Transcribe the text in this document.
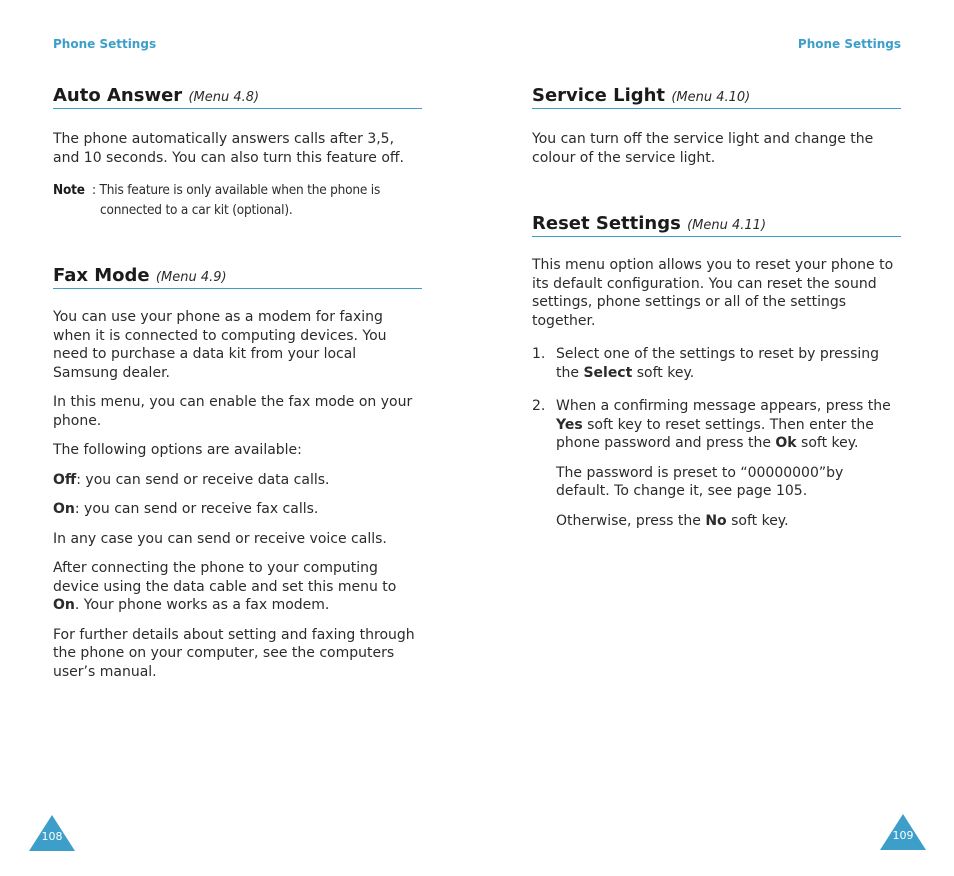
Phone Settings	Phone Settings
Auto Answer (Menu 4.8)

The phone automatically answers calls after 3,5, and 10 seconds. You can also turn this feature off.

Note : This feature is only available when the phone is connected to a car kit (optional).

Fax Mode (Menu 4.9)

You can use your phone as a modem for faxing when it is connected to computing devices. You need to purchase a data kit from your local Samsung dealer.

In this menu, you can enable the fax mode on your phone.

The following options are available:

Off: you can send or receive data calls.

On: you can send or receive fax calls.

In any case you can send or receive voice calls.

After connecting the phone to your computing device using the data cable and set this menu to On. Your phone works as a fax modem.

For further details about setting and faxing through the phone on your computer, see the computers user’s manual.

Service Light (Menu 4.10)

You can turn off the service light and change the colour of the service light.

Reset Settings (Menu 4.11)

This menu option allows you to reset your phone to its default configuration. You can reset the sound settings, phone settings or all of the settings together.

1. Select one of the settings to reset by pressing the Select soft key.

2. When a confirming message appears, press the Yes soft key to reset settings. Then enter the phone password and press the Ok soft key.

The password is preset to “00000000”by default. To change it, see page 105.

Otherwise, press the No soft key.

108	109
